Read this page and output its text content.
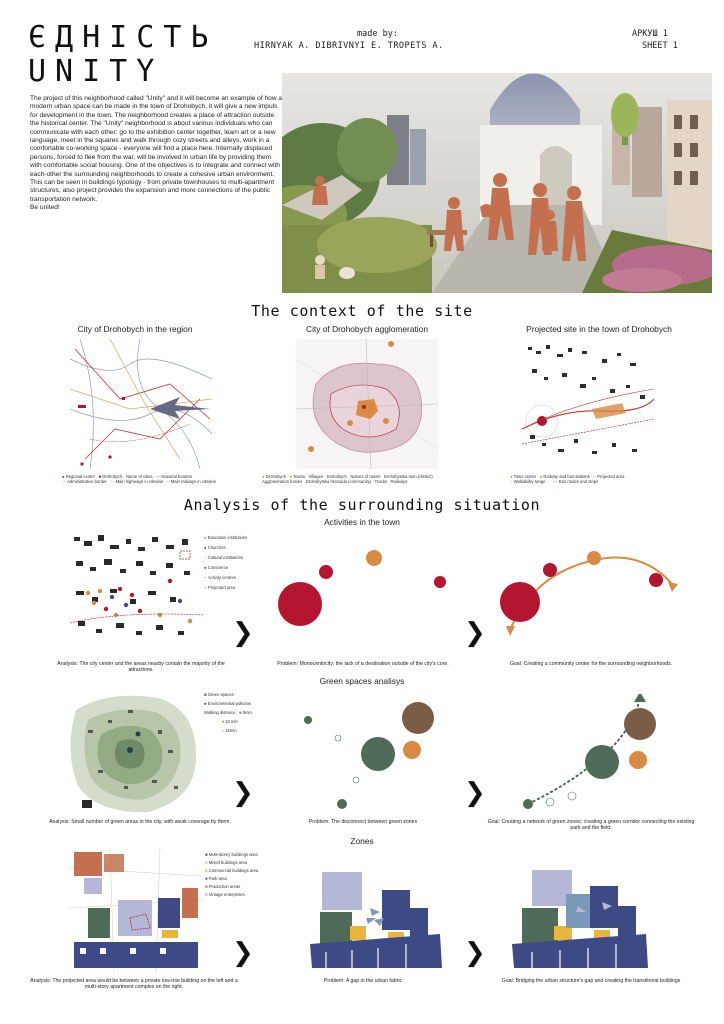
ЄДНІСТЬ
UNITY
made by:
HIRNYAK A. DIBRIVNYI E. TROPETS A.
АРКУШ 1
SHEET 1
The project of this neighborhood called "Unity" and it will become an example of how a modern urban space can be made in the town of Drohobych, it will give a new impuls for development in the town. The neighborhood creates a place of attraction outside the historical center. The "Unity" neighborhood is about various individuals who can communicate with each other: go to the exhibition center together, learn art or a new language, meet in the squares and walk through cozy streets and alleys, work in a comfortable co-working space - everyone will find a place here. Internally displaced persons, forced to flee from the war, will be involved in urban life by providing them with comfortable social housing. One of the objectives is to integrate and connect with each-other the surrounding neighborhoods to create a cohesive urban environment. This can be seen in buildings typology - from private townhouses to multi-apartment structures, also project provides the expansion and more connections of the public transportation network.
Be united!
The context of the site
City of Drohobych in the region	City of Drohobych agglomeration	Projected site in the town of Drohobych
● Regional center ■ Drohobych Name of cities — National borders
— Administrative border — Main highways in Ukraine -- Main railways in Ukraine
● Drohobych ● Towns Villages Drohobych Names of towns Drohobytska rasn (district)
Agglomeration border Drohobytska hromada (community) Tracks Railways
● Town center ● Railway and bus stations -- Projected area
○ Walkability range — Bus routes and stops
Analysis of the surrounding situation
Activities in the town
● Education institutions
● Churches
○ Cultural institutions
● Commerce
-- Activity centres
-- Projected area
❯	❯
Analysis: The city center and the areas nearby contain the majority of the attractions.
Problem: Monocentricity: the lack of a destination outside of the city's core.	Goal: Creating a community center for the surrounding neighborhoods.
Green spaces analisys
■ Green spaces
● Environmental pollution
Walking distance: ■ 5min
■ 10 min
■ 15min
❯	❯
Analysis: Small number of green areas in the city, with weak coverage by them.	Problem: The disconnect between green zones	Goal: Creating a network of green zones; creating a green corridor connecting the existing park and the field.
Zones
■ Multi-storey buildings area
■ Mixed buildings area
■ Commercial buildings area
■ Park area
■ Production areas
■ Vintage enterprises
❯	❯
Analysis: The projected area would be between a private low-rise building on the left and a multi-story apartment complex on the right.
Problem: A gap in the urban fabric	Goal: Bridging the urban structure's gap and creating the transitional buildings
